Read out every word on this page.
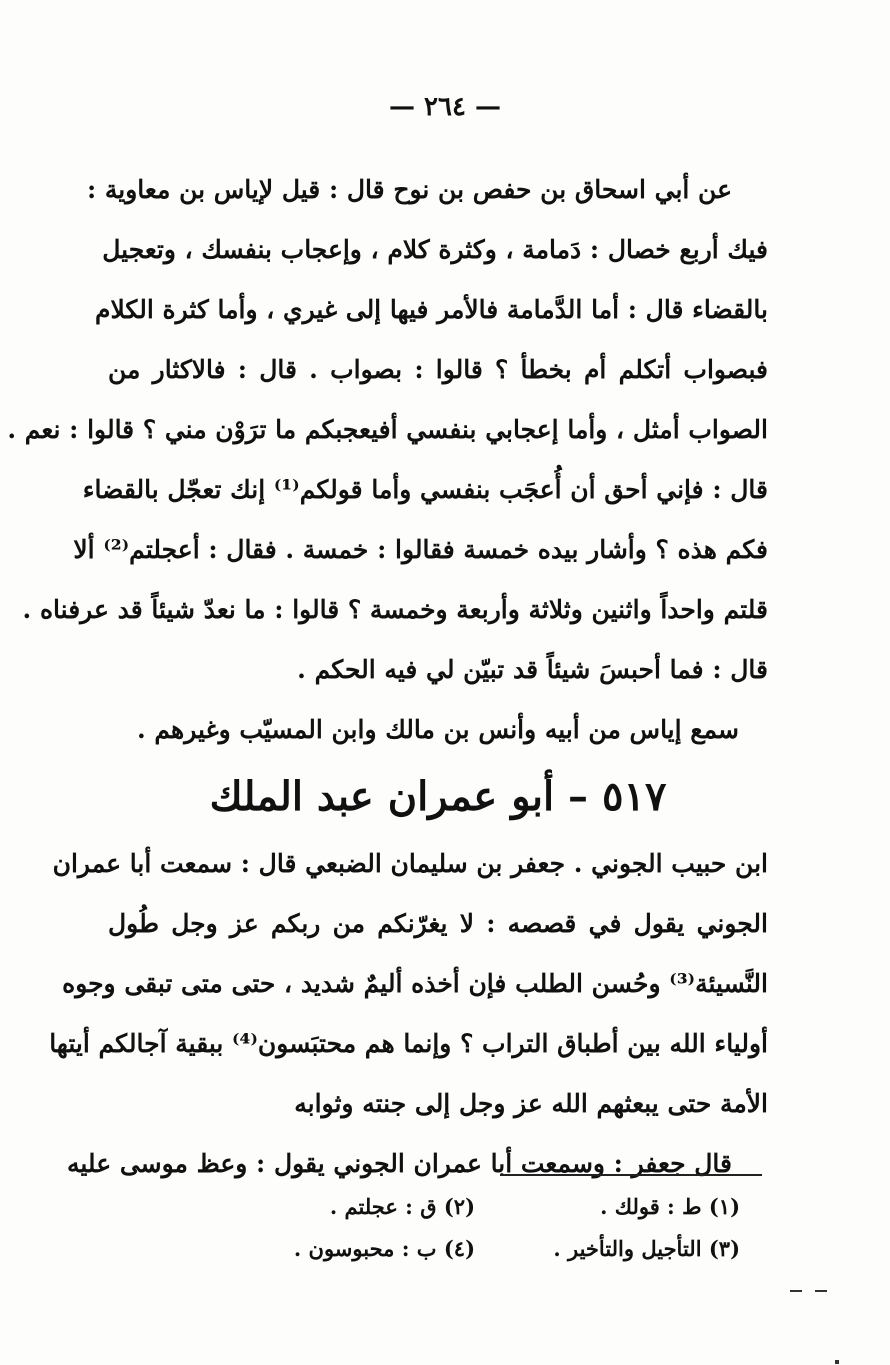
— ٢٦٤ —
عن أبي اسحاق بن حفص بن نوح قال : قيل لإياس بن معاوية :
فيك أربع خصال : دَمامة ، وكثرة كلام ، وإعجاب بنفسك ، وتعجيل
بالقضاء قال : أما الدَّمامة فالأمر فيها إلى غيري ، وأما كثرة الكلام
فبصواب أتكلم أم بخطأ ؟ قالوا : بصواب . قال : فالاكثار من
الصواب أمثل ، وأما إعجابي بنفسي أفيعجبكم ما ترَوْن مني ؟ قالوا : نعم .
قال : فإني أحق أن أُعجَب بنفسي وأما قولكم⁽¹⁾ إنك تعجّل بالقضاء
فكم هذه ؟ وأشار بيده خمسة فقالوا : خمسة . فقال : أعجلتم⁽²⁾ ألا
قلتم واحداً واثنين وثلاثة وأربعة وخمسة ؟ قالوا : ما نعدّ شيئاً قد عرفناه .
قال : فما أحبسَ شيئاً قد تبيّن لي فيه الحكم .
سمع إياس من أبيه وأنس بن مالك وابن المسيّب وغيرهم .
٥١٧ – أبو عمران عبد الملك
ابن حبيب الجوني . جعفر بن سليمان الضبعي قال : سمعت أبا عمران
الجوني يقول في قصصه : لا يغرّنكم من ربكم عز وجل طُول
النَّسيئة⁽³⁾ وحُسن الطلب فإن أخذه أليمٌ شديد ، حتى متى تبقى وجوه
أولياء الله بين أطباق التراب ؟ وإنما هم محتبَسون⁽⁴⁾ ببقية آجالكم أيتها
الأمة حتى يبعثهم الله عز وجل إلى جنته وثوابه
قال جعفر : وسمعت أبا عمران الجوني يقول : وعظ موسى عليه
(١) ط : قولك .
(٢) ق : عجلتم .
(٣) التأجيل والتأخير .
(٤) ب : محبوسون .
